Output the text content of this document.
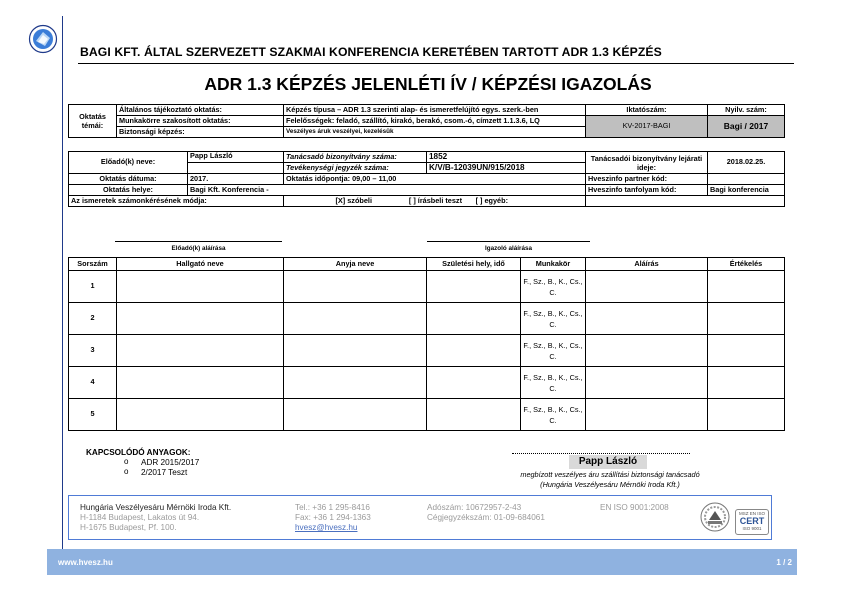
BAGI KFT. ÁLTAL SZERVEZETT SZAKMAI KONFERENCIA KERETÉBEN TARTOTT ADR 1.3 KÉPZÉS
ADR 1.3 KÉPZÉS JELENLÉTI ÍV / KÉPZÉSI IGAZOLÁS
Oktatás témái:	Általános tájékoztató oktatás:	Képzés típusa – ADR 1.3 szerinti alap- és ismeretfelújító egys. szerk.-ben	Iktatószám:	Nyilv. szám:
	Munkakörre szakosított oktatás:	Felelősségek: feladó, szállító, kirakó, berakó, csom.-ó, címzett 1.1.3.6, LQ	KV-2017-BAGI	Bagi / 2017
	Biztonsági képzés:	Veszélyes áruk veszélyei, kezelésük		
Előadó(k) neve:	Papp László	Tanácsadó bizonyítvány száma:	1852	Tanácsadói bizonyítvány lejárati ideje:	2018.02.25.
		Tevékenységi jegyzék száma:	K/V/B-12039UN/915/2018		
Oktatás dátuma:	2017.	Oktatás időpontja: 09,00 – 11,00		Hveszinfo partner kód:	
Oktatás helye:	Bagi Kft. Konferencia -			Hveszinfo tanfolyam kód:	Bagi konferencia
Az ismeretek számonkérésének módja:		[X] szóbeli [ ] írásbeli teszt [ ] egyéb:			
Előadó(k) aláírása	Igazoló aláírása
Sorszám	Hallgató neve	Anyja neve	Születési hely, idő	Munkakör	Aláírás	Értékelés
1				F., Sz., B., K., Cs., C.		
2				F., Sz., B., K., Cs., C.		
3				F., Sz., B., K., Cs., C.		
4				F., Sz., B., K., Cs., C.		
5				F., Sz., B., K., Cs., C.		
KAPCSOLÓDÓ ANYAGOK:
o ADR 2015/2017
o 2/2017 Teszt
Papp László
megbízott veszélyes áru szállítási biztonsági tanácsadó
(Hungária Veszélyesáru Mérnöki Iroda Kft.)
Hungária Veszélyesáru Mérnöki Iroda Kft.
H-1184 Budapest, Lakatos út 94.
H-1675 Budapest, Pf. 100.
Tel.: +36 1 295-8416
Fax: +36 1 294-1363
hvesz@hvesz.hu
Adószám: 10672957-2-43
Cégjegyzékszám: 01-09-684061
EN ISO 9001:2008
MSZ EN ISO
CERT
ISO 9001
www.hvesz.hu	1 / 2
